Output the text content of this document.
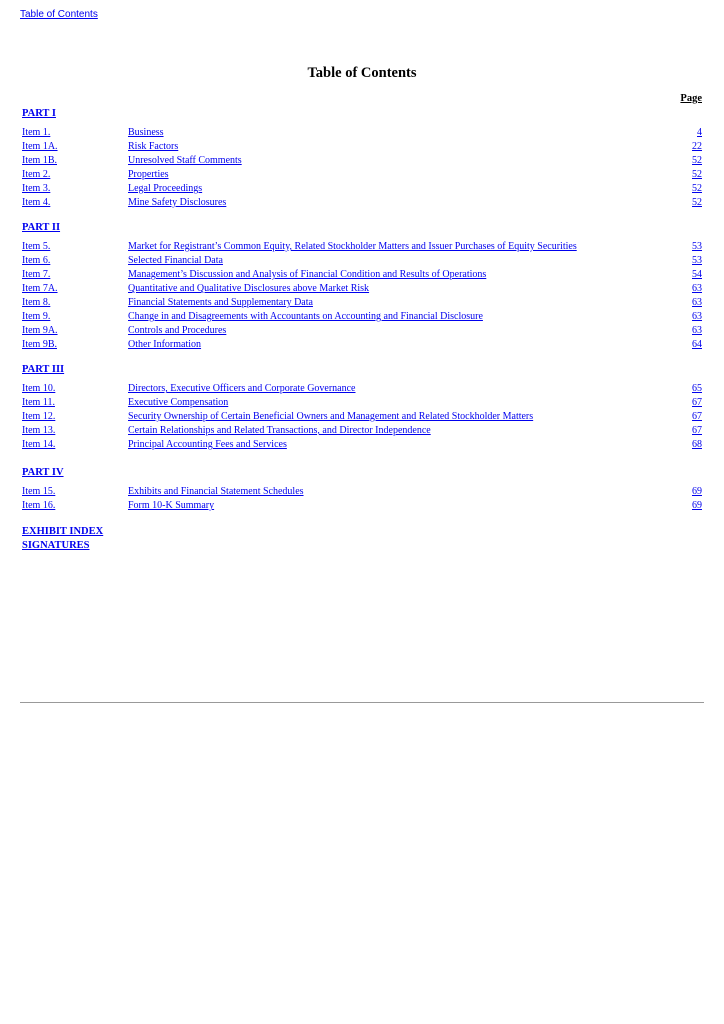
Table of Contents
Table of Contents
Page
PART I
Item 1.	Business	4
Item 1A.	Risk Factors	22
Item 1B.	Unresolved Staff Comments	52
Item 2.	Properties	52
Item 3.	Legal Proceedings	52
Item 4.	Mine Safety Disclosures	52
PART II
Item 5.	Market for Registrant’s Common Equity, Related Stockholder Matters and Issuer Purchases of Equity Securities	53
Item 6.	Selected Financial Data	53
Item 7.	Management’s Discussion and Analysis of Financial Condition and Results of Operations	54
Item 7A.	Quantitative and Qualitative Disclosures above Market Risk	63
Item 8.	Financial Statements and Supplementary Data	63
Item 9.	Change in and Disagreements with Accountants on Accounting and Financial Disclosure	63
Item 9A.	Controls and Procedures	63
Item 9B.	Other Information	64
PART III
Item 10.	Directors, Executive Officers and Corporate Governance	65
Item 11.	Executive Compensation	67
Item 12.	Security Ownership of Certain Beneficial Owners and Management and Related Stockholder Matters	67
Item 13.	Certain Relationships and Related Transactions, and Director Independence	67
Item 14.	Principal Accounting Fees and Services	68
PART IV
Item 15.	Exhibits and Financial Statement Schedules	69
Item 16.	Form 10-K Summary	69
EXHIBIT INDEX
SIGNATURES
